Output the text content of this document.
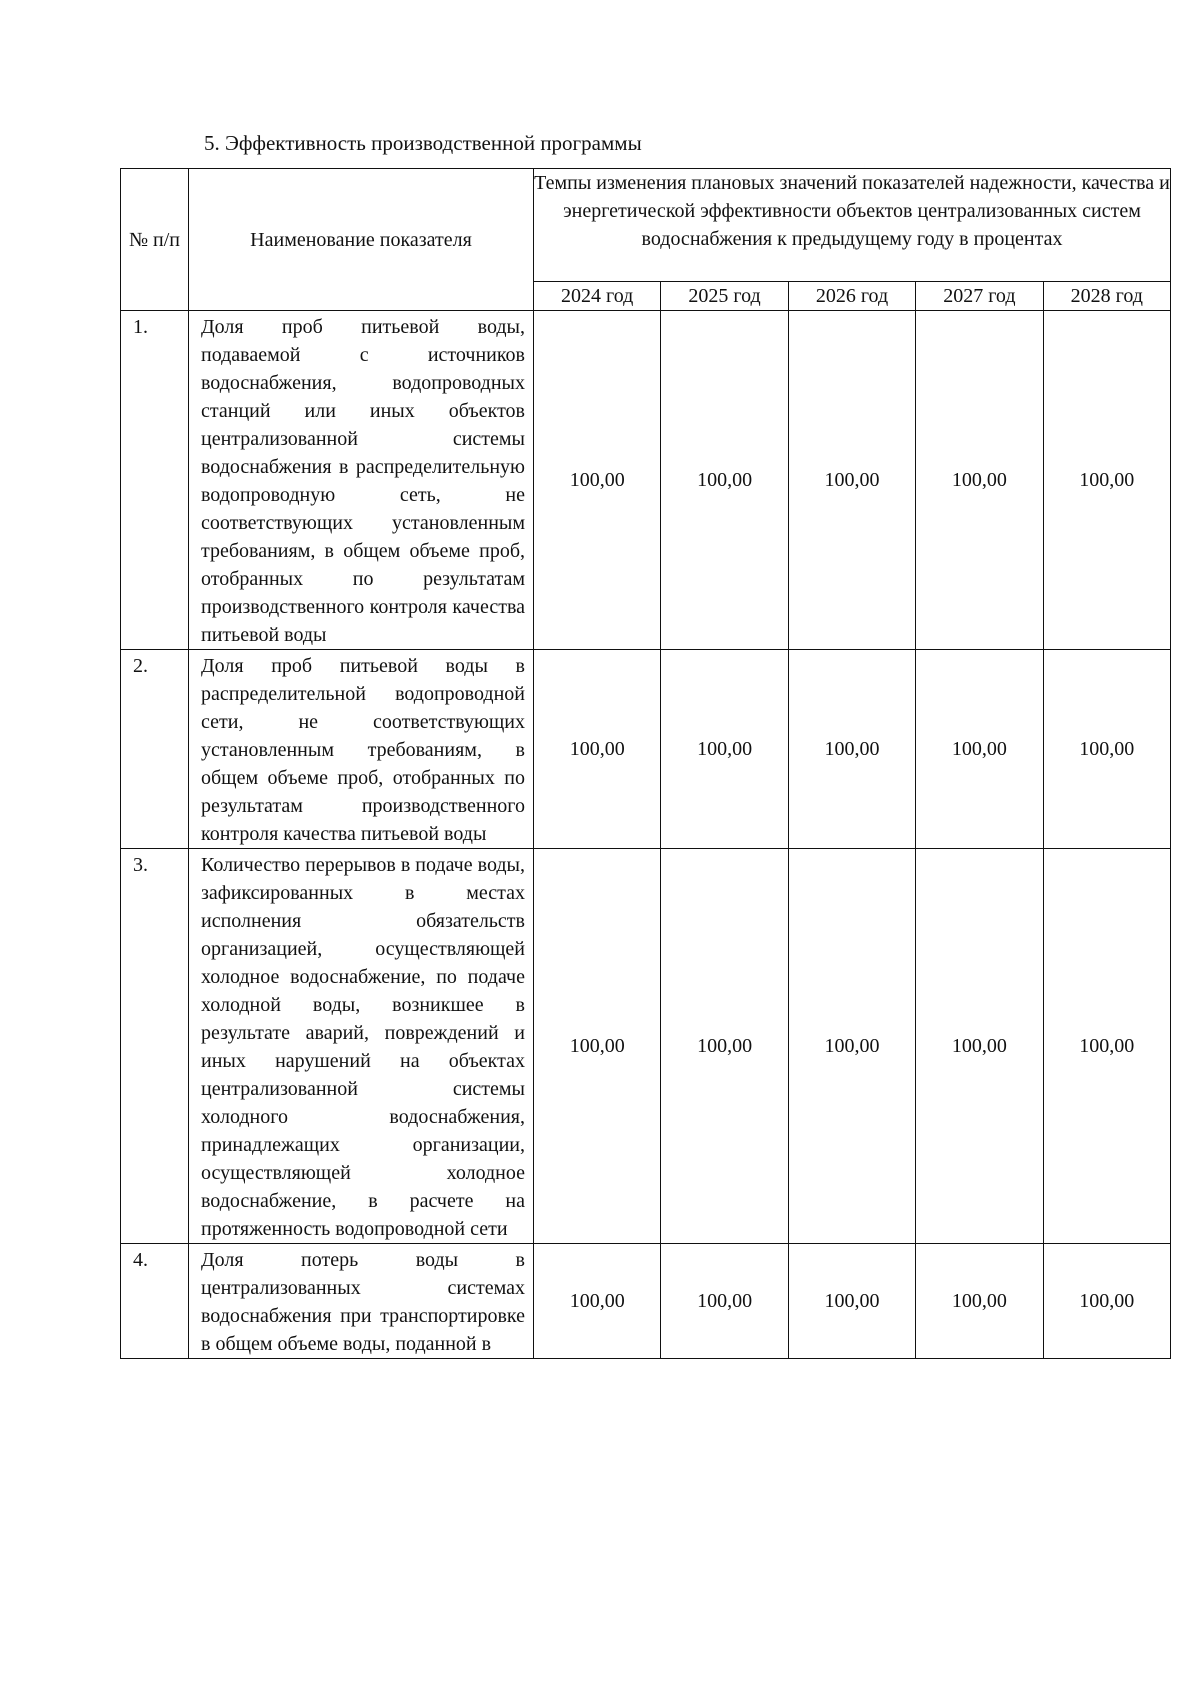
5. Эффективность производственной программы
№ п/п	Наименование показателя	Темпы изменения плановых значений показателей надежности, качества и энергетической эффективности объектов централизованных систем водоснабжения к предыдущему году в процентах				
		2024 год	2025 год	2026 год	2027 год	2028 год
1.	Доля проб питьевой воды, подаваемой с источников водоснабжения, водопроводных станций или иных объектов централизованной системы водоснабжения в распределительную водопроводную сеть, не соответствующих установленным требованиям, в общем объеме проб, отобранных по результатам производственного контроля качества питьевой воды	100,00	100,00	100,00	100,00	100,00
2.	Доля проб питьевой воды в распределительной водопроводной сети, не соответствующих установленным требованиям, в общем объеме проб, отобранных по результатам производственного контроля качества питьевой воды	100,00	100,00	100,00	100,00	100,00
3.	Количество перерывов в подаче воды, зафиксированных в местах исполнения обязательств организацией, осуществляющей холодное водоснабжение, по подаче холодной воды, возникшее в результате аварий, повреждений и иных нарушений на объектах централизованной системы холодного водоснабжения, принадлежащих организации, осуществляющей холодное водоснабжение, в расчете на протяженность водопроводной сети	100,00	100,00	100,00	100,00	100,00
4.	Доля потерь воды в централизованных системах водоснабжения при транспортировке в общем объеме воды, поданной в	100,00	100,00	100,00	100,00	100,00
